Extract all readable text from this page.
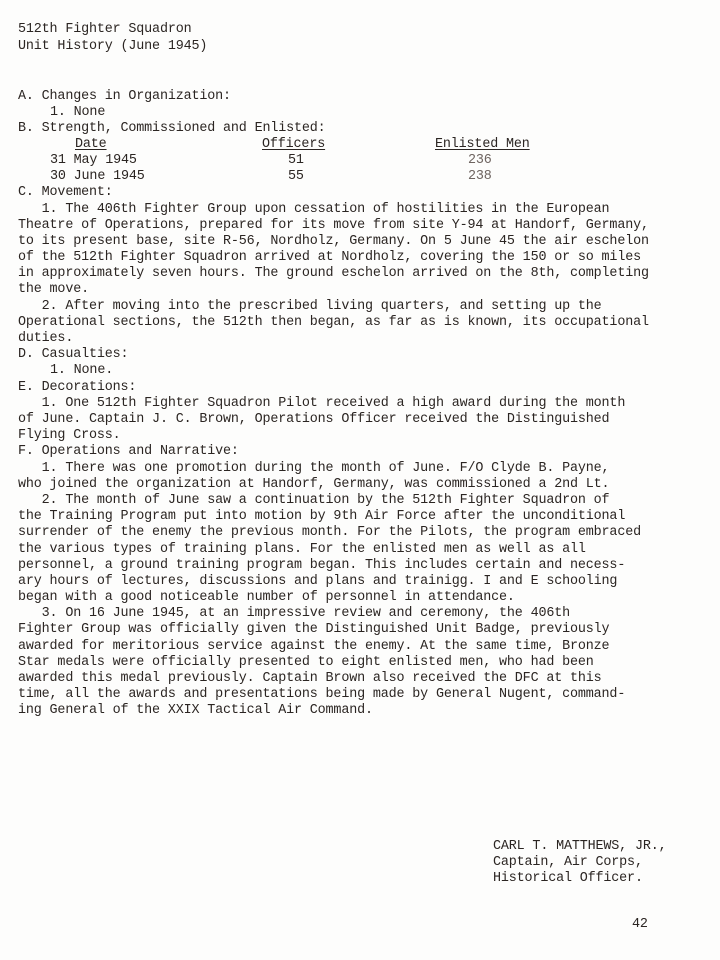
512th Fighter Squadron
Unit History (June 1945)
A. Changes in Organization:
1. None
B. Strength, Commissioned and Enlisted:
Date	Officers	Enlisted Men
31 May 1945	51	236
30 June 1945	55	238
C. Movement:
1. The 406th Fighter Group upon cessation of hostilities in the European
Theatre of Operations, prepared for its move from site Y-94 at Handorf, Germany,
to its present base, site R-56, Nordholz, Germany. On 5 June 45 the air eschelon
of the 512th Fighter Squadron arrived at Nordholz, covering the 150 or so miles
in approximately seven hours. The ground eschelon arrived on the 8th, completing
the move.
2. After moving into the prescribed living quarters, and setting up the
Operational sections, the 512th then began, as far as is known, its occupational
duties.
D. Casualties:
1. None.
E. Decorations:
1. One 512th Fighter Squadron Pilot received a high award during the month
of June. Captain J. C. Brown, Operations Officer received the Distinguished
Flying Cross.
F. Operations and Narrative:
1. There was one promotion during the month of June. F/O Clyde B. Payne,
who joined the organization at Handorf, Germany, was commissioned a 2nd Lt.
2. The month of June saw a continuation by the 512th Fighter Squadron of
the Training Program put into motion by 9th Air Force after the unconditional
surrender of the enemy the previous month. For the Pilots, the program embraced
the various types of training plans. For the enlisted men as well as all
personnel, a ground training program began. This includes certain and necess-
ary hours of lectures, discussions and plans and trainigg. I and E schooling
began with a good noticeable number of personnel in attendance.
3. On 16 June 1945, at an impressive review and ceremony, the 406th
Fighter Group was officially given the Distinguished Unit Badge, previously
awarded for meritorious service against the enemy. At the same time, Bronze
Star medals were officially presented to eight enlisted men, who had been
awarded this medal previously. Captain Brown also received the DFC at this
time, all the awards and presentations being made by General Nugent, command-
ing General of the XXIX Tactical Air Command.
CARL T. MATTHEWS, JR.,
Captain, Air Corps,
Historical Officer.
42
